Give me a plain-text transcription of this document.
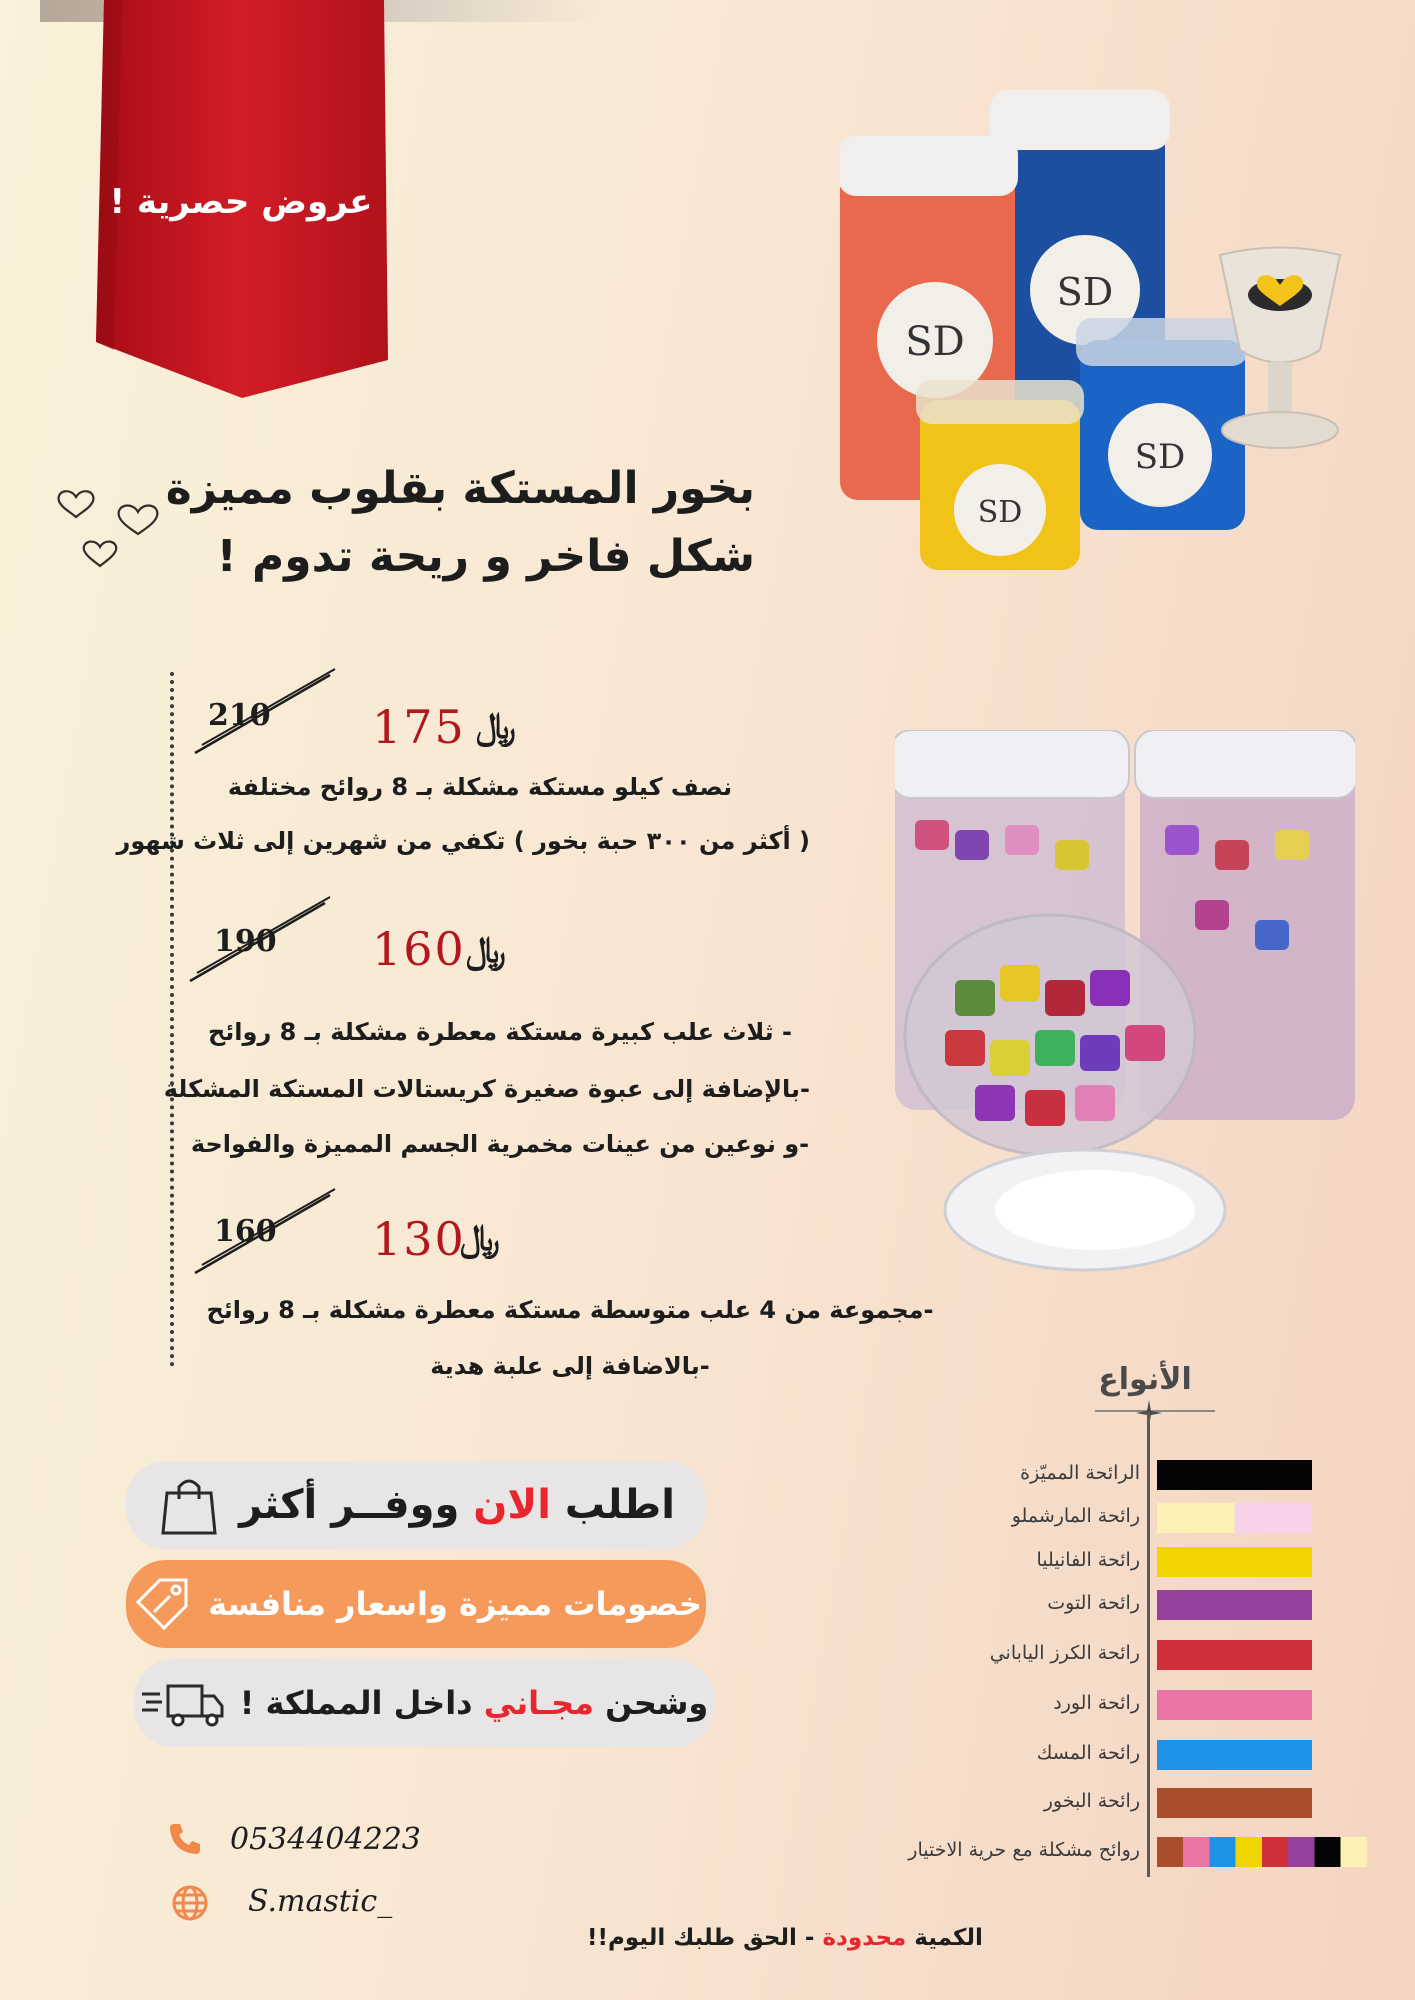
عروض حصرية !
بخور المستكة بقلوب مميزة
شكل فاخر و ريحة تدوم !
SD
SD
SD
SD
210 175 ﷼
نصف كيلو مستكة مشكلة بـ 8 روائح مختلفة
( أكثر من ٣٠٠ حبة بخور ) تكفي من شهرين إلى ثلاث شهور
190 160 ﷼
- ثلاث علب كبيرة مستكة معطرة مشكلة بـ 8 روائح
-بالإضافة إلى عبوة صغيرة كريستالات المستكة المشكلة
-و نوعين من عينات مخمرية الجسم المميزة والفواحة
160 130
﷼
-مجموعة من 4 علب متوسطة مستكة معطرة مشكلة بـ 8 روائح
-بالاضافة إلى علبة هدية
اطلب

الان

ووفــر أكثر
خصومات مميزة واسعار منافسة
وشحن

مجـاني

داخل المملكة !
0534404223
S.mastic_
الكمية محدودة - الحق طلبك اليوم!!
الأنواع
الرائحة المميّزة
رائحة المارشملو
رائحة الفانيليا
رائحة التوت
رائحة الكرز الياباني
رائحة الورد
رائحة المسك
رائحة البخور
روائح مشكلة مع حرية الاختيار
